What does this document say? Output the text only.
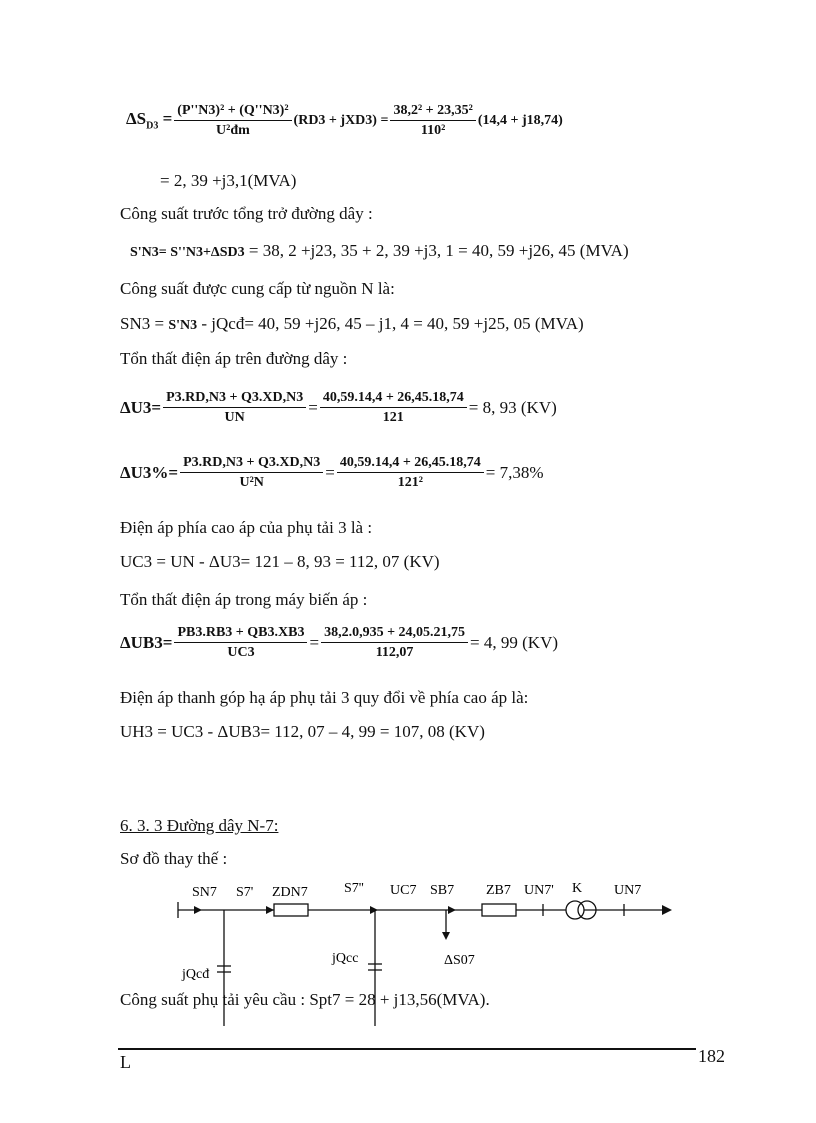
$\Delta S_{D3} = \frac{\text{(P''N3)² + (Q''N3)²}}{\text{U²đm}} (RD3 + jXD3) = \frac{\text{38,2² + 23,35²}}{\text{110²}} (14,4 + j18,74)$
= 2, 39 +j3,1(MVA)
Công suất trước tổng trở đường dây :
S'N3= S''N3+ΔSD3 = 38, 2 +j23, 35 + 2, 39 +j3, 1 = 40, 59 +j26, 45 (MVA)
Công suất được cung cấp từ nguồn N là:
SN3 = S'N3 - jQcđ= 40, 59 +j26, 45 – j1, 4 = 40, 59 +j25, 05 (MVA)
Tổn thất điện áp trên đường dây :
$\Delta U3= \frac{P3.RD,N3 + Q3.XD,N3}{UN} = \frac{40,59.14,4 + 26,45.18,74}{121} = 8$, 93 (KV)
$\Delta U3\%= \frac{P3.RD,N3 + Q3.XD,N3}{\text{U²N}} = \frac{40,59.14,4 + 26,45.18,74}{\text{121²}} = 7,38\%$
Điện áp phía cao áp của phụ tải 3 là :
UC3 = UN - ΔU3= 121 – 8, 93 = 112, 07 (KV)
Tổn thất điện áp trong máy biến áp :
$\Delta UB3= \frac{PB3.RB3 + QB3.XB3}{UC3} = \frac{38,2.0,935 + 24,05.21,75}{112,07} = 4$, 99 (KV)
Điện áp thanh góp hạ áp phụ tải 3 quy đổi về phía cao áp là:
UH3 = UC3 - ΔUB3= 112, 07 – 4, 99 = 107, 08 (KV)
6. 3. 3 Đường dây N-7:
Sơ đồ thay thế :
SN7 S7' ZDN7	S7'' UC7 SB7 ZB7 UN7' K UN7
jQcđ
jQcc	ΔS07
Công suất phụ tải yêu cầu : Spt7 = 28 + j13,56(MVA).
L	182
